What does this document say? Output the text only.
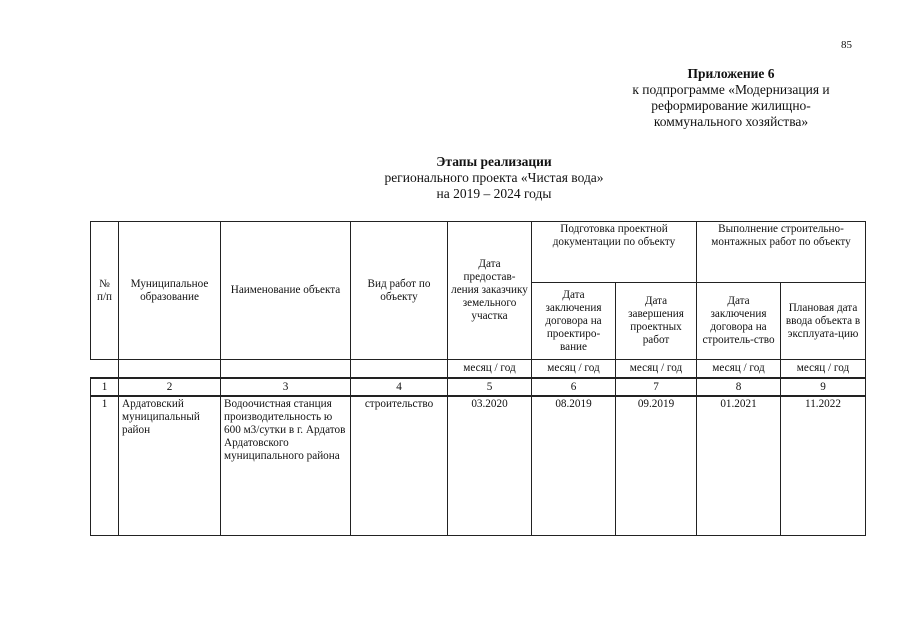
85
Приложение 6
к подпрограмме «Модернизация и
реформирование жилищно-
коммунального хозяйства»
Этапы реализации
регионального проекта «Чистая вода»
на 2019 – 2024 годы
№ п/п	Муниципальное образование	Наименование объекта	Вид работ по объекту	Дата предостав-ления заказчику земельного участка	Подготовка проектной документации по объекту		Выполнение строительно-монтажных работ по объекту	
					Дата заключения договора на проектиро-вание	Дата завершения проектных работ	Дата заключения договора на строитель-ство	Плановая дата ввода объекта в эксплуата-цию
				месяц / год	месяц / год	месяц / год	месяц / год	месяц / год
1	2	3	4	5	6	7	8	9
1	Ардатовский муниципальный район	Водоочистная станция производительность ю 600 м3/сутки в г. Ардатов Ардатовского муниципального района	строительство	03.2020	08.2019	09.2019	01.2021	11.2022
